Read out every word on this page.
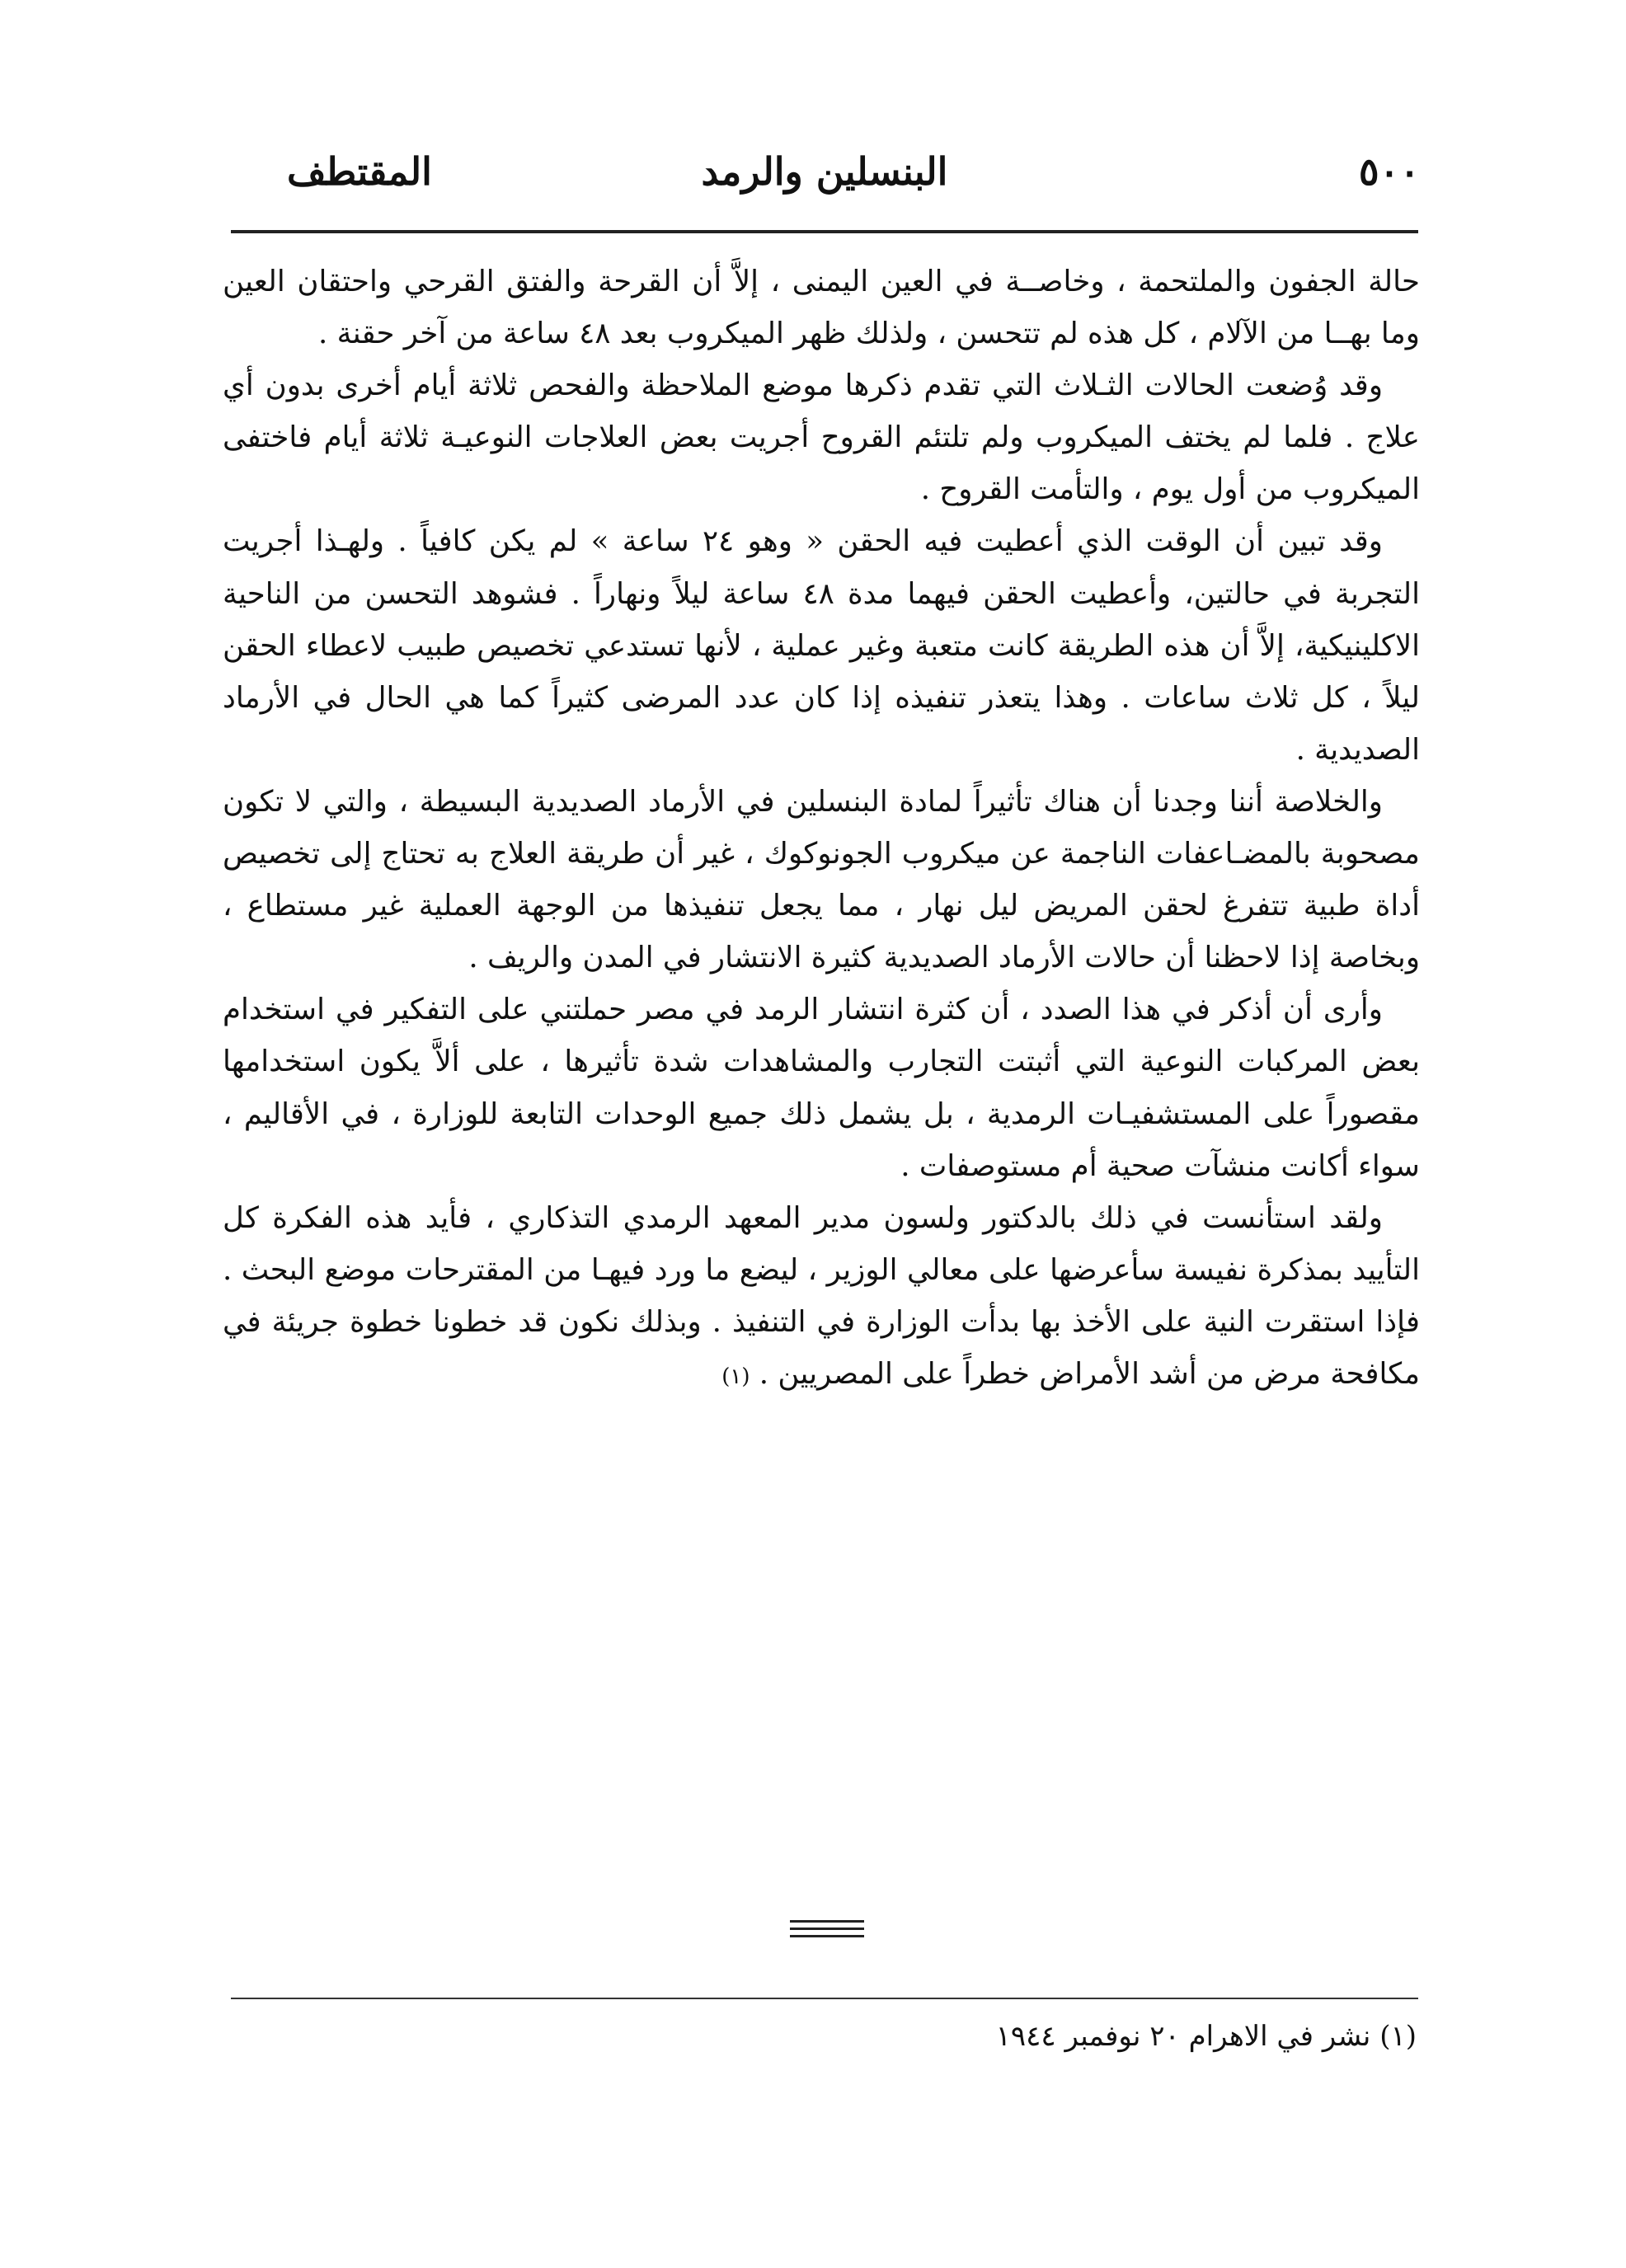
٥٠٠
البنسلين والرمد
المقتطف

حالة الجفون والملتحمة ، وخاصــة في العين اليمنى ، إلاَّ أن القرحة والفتق القرحي واحتقان العين وما بهــا من الآلام ، كل هذه لم تتحسن ، ولذلك ظهر الميكروب بعد ٤٨ ساعة من آخر حقنة .

وقد وُضعت الحالات الثـلاث التي تقدم ذكرها موضع الملاحظة والفحص ثلاثة أيام أخرى بدون أي علاج . فلما لم يختف الميكروب ولم تلتئم القروح أجريت بعض العلاجات النوعيـة ثلاثة أيام فاختفى الميكروب من أول يوم ، والتأمت القروح .

وقد تبين أن الوقت الذي أعطيت فيه الحقن « وهو ٢٤ ساعة » لم يكن كافياً . ولهـذا أجريت التجربة في حالتين، وأعطيت الحقن فيهما مدة ٤٨ ساعة ليلاً ونهاراً . فشوهد التحسن من الناحية الاكلينيكية، إلاَّ أن هذه الطريقة كانت متعبة وغير عملية ، لأنها تستدعي تخصيص طبيب لاعطاء الحقن ليلاً ، كل ثلاث ساعات . وهذا يتعذر تنفيذه إذا كان عدد المرضى كثيراً كما هي الحال في الأرماد الصديدية .

والخلاصة أننا وجدنا أن هناك تأثيراً لمادة البنسلين في الأرماد الصديدية البسيطة ، والتي لا تكون مصحوبة بالمضـاعفات الناجمة عن ميكروب الجونوكوك ، غير أن طريقة العلاج به تحتاج إلى تخصيص أداة طبية تتفرغ لحقن المريض ليل نهار ، مما يجعل تنفيذها من الوجهة العملية غير مستطاع ، وبخاصة إذا لاحظنا أن حالات الأرماد الصديدية كثيرة الانتشار في المدن والريف .

وأرى أن أذكر في هذا الصدد ، أن كثرة انتشار الرمد في مصر حملتني على التفكير في استخدام بعض المركبات النوعية التي أثبتت التجارب والمشاهدات شدة تأثيرها ، على ألاَّ يكون استخدامها مقصوراً على المستشفيـات الرمدية ، بل يشمل ذلك جميع الوحدات التابعة للوزارة ، في الأقاليم ، سواء أكانت منشآت صحية أم مستوصفات .

ولقد استأنست في ذلك بالدكتور ولسون مدير المعهد الرمدي التذكاري ، فأيد هذه الفكرة كل التأييد بمذكرة نفيسة سأعرضها على معالي الوزير ، ليضع ما ورد فيهـا من المقترحات موضع البحث . فإذا استقرت النية على الأخذ بها بدأت الوزارة في التنفيذ . وبذلك نكون قد خطونا خطوة جريئة في مكافحة مرض من أشد الأمراض خطراً على المصريين . (١)

(١) نشر في الاهرام ٢٠ نوفمبر ١٩٤٤
